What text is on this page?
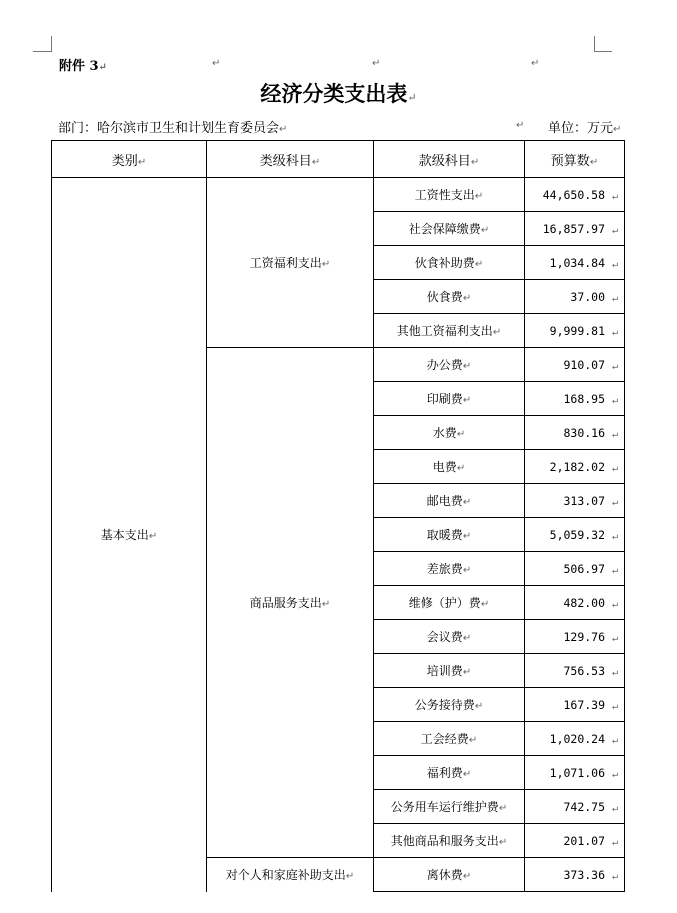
附件 3↵	↵	↵	↵
经济分类支出表↵
部门：哈尔滨市卫生和计划生育委员会↵	↵ 单位：万元↵
类别↵	类级科目↵	款级科目↵	预算数↵
基本支出↵	工资福利支出↵	工资性支出↵	44,650.58 ↵
		社会保障缴费↵	16,857.97 ↵
		伙食补助费↵	1,034.84 ↵
		伙食费↵	37.00 ↵
		其他工资福利支出↵	9,999.81 ↵
	商品服务支出↵	办公费↵	910.07 ↵
		印刷费↵	168.95 ↵
		水费↵	830.16 ↵
		电费↵	2,182.02 ↵
		邮电费↵	313.07 ↵
		取暖费↵	5,059.32 ↵
		差旅费↵	506.97 ↵
		维修（护）费↵	482.00 ↵
		会议费↵	129.76 ↵
		培训费↵	756.53 ↵
		公务接待费↵	167.39 ↵
		工会经费↵	1,020.24 ↵
		福利费↵	1,071.06 ↵
		公务用车运行维护费↵	742.75 ↵
		其他商品和服务支出↵	201.07 ↵
	对个人和家庭补助支出↵	离休费↵	373.36 ↵
